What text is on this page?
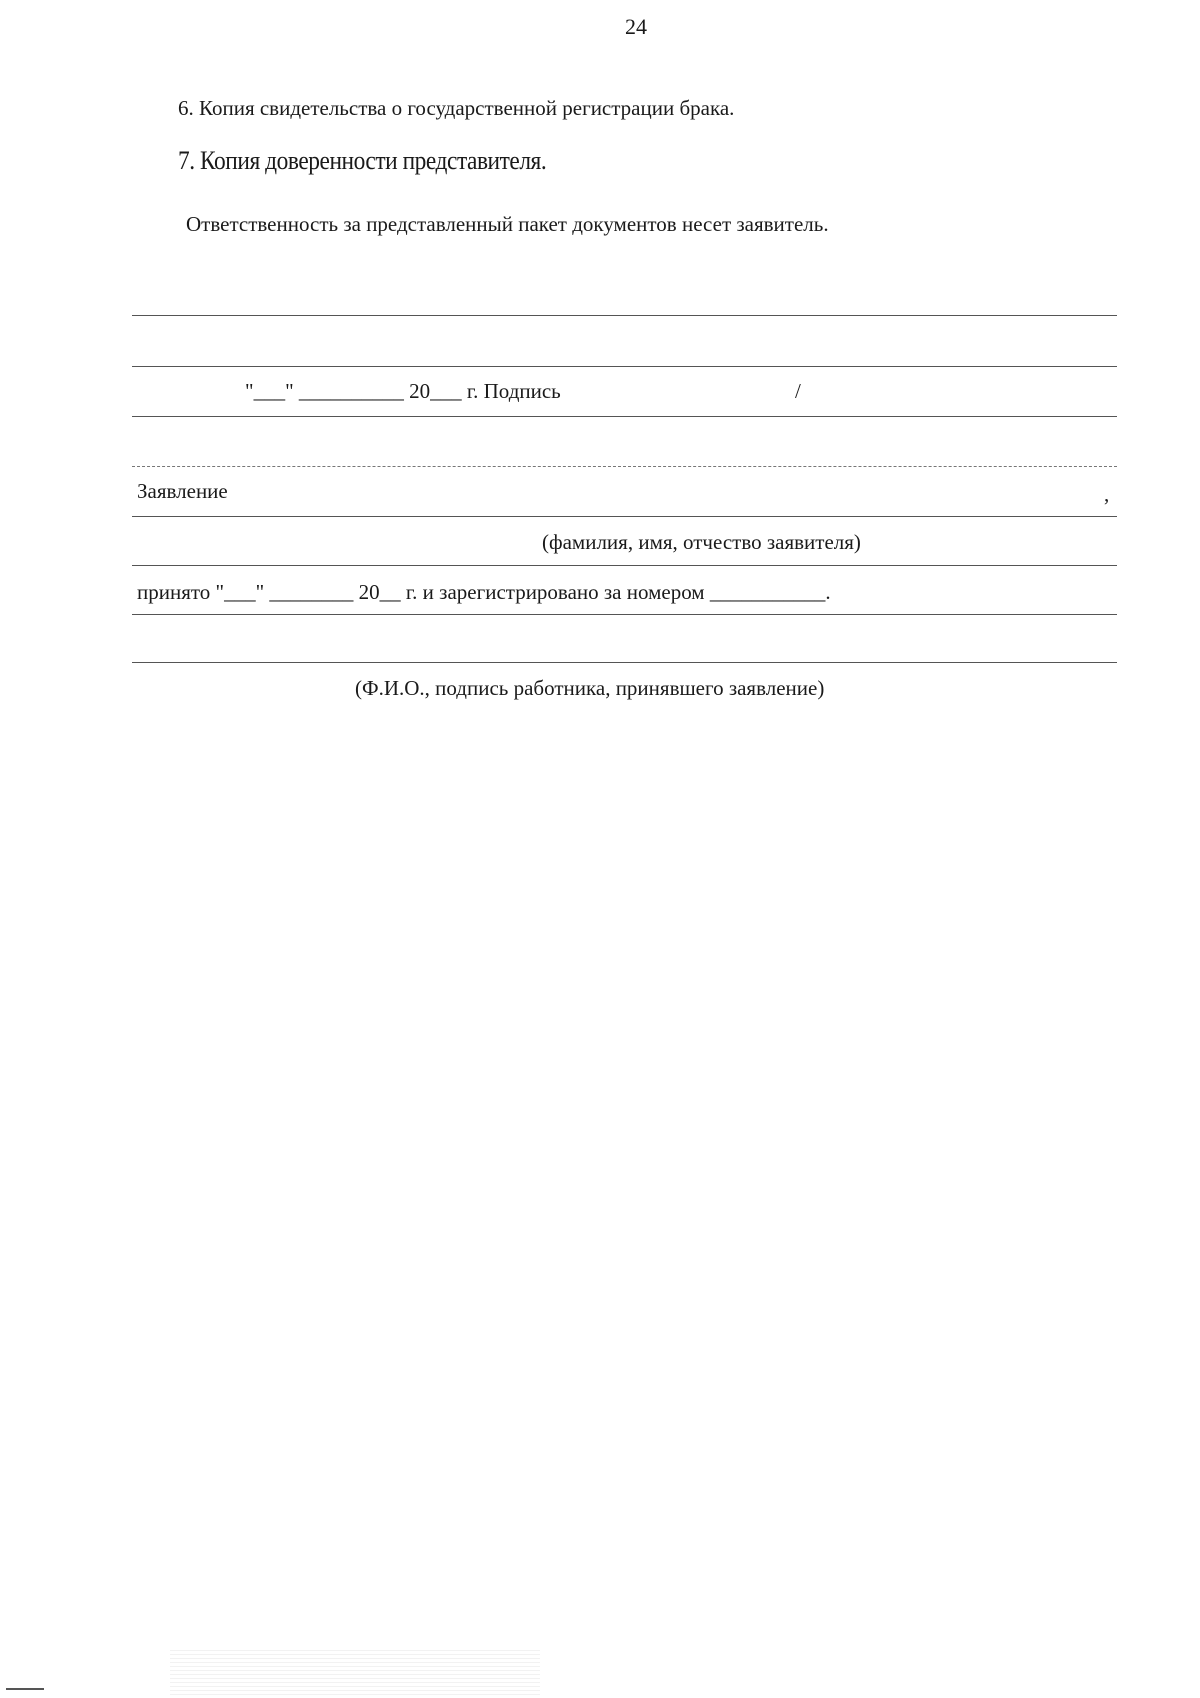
24
6. Копия свидетельства о государственной регистрации брака.
7. Копия доверенности представителя.
Ответственность за представленный пакет документов несет заявитель.
"___" __________ 20___ г. Подпись	/
Заявление	,
(фамилия, имя, отчество заявителя)
принято "___" ________ 20__ г. и зарегистрировано за номером ___________.
(Ф.И.О., подпись работника, принявшего заявление)
